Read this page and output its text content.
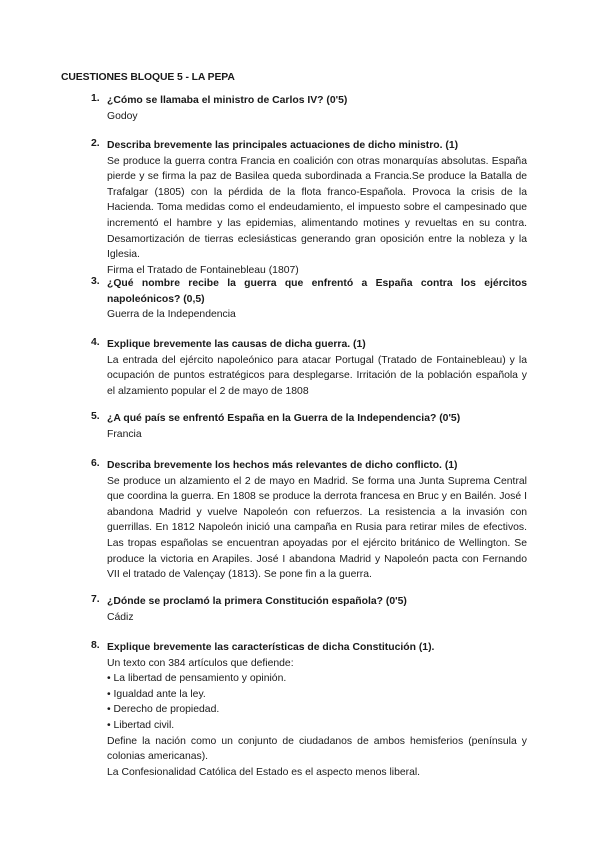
CUESTIONES BLOQUE 5 - LA PEPA
1. ¿Cómo se llamaba el ministro de Carlos IV? (0'5)

Godoy

2. Describa brevemente las principales actuaciones de dicho ministro. (1)

Se produce la guerra contra Francia en coalición con otras monarquías absolutas. España pierde y se firma la paz de Basilea queda subordinada a Francia.Se produce la Batalla de Trafalgar (1805) con la pérdida de la flota franco-Española. Provoca la crisis de la Hacienda. Toma medidas como el endeudamiento, el impuesto sobre el campesinado que incrementó el hambre y las epidemias, alimentando motines y revueltas en su contra. Desamortización de tierras eclesiásticas generando gran oposición entre la nobleza y la Iglesia.

Firma el Tratado de Fontainebleau (1807)

3. ¿Qué nombre recibe la guerra que enfrentó a España contra los ejércitos napoleónicos? (0,5)

Guerra de la Independencia

4. Explique brevemente las causas de dicha guerra. (1)

La entrada del ejército napoleónico para atacar Portugal (Tratado de Fontainebleau) y la ocupación de puntos estratégicos para desplegarse. Irritación de la población española y el alzamiento popular el 2 de mayo de 1808

5. ¿A qué país se enfrentó España en la Guerra de la Independencia? (0'5)

Francia

6. Describa brevemente los hechos más relevantes de dicho conflicto. (1)

Se produce un alzamiento el 2 de mayo en Madrid. Se forma una Junta Suprema Central que coordina la guerra. En 1808 se produce la derrota francesa en Bruc y en Bailén. José I abandona Madrid y vuelve Napoleón con refuerzos. La resistencia a la invasión con guerrillas. En 1812 Napoleón inició una campaña en Rusia para retirar miles de efectivos. Las tropas españolas se encuentran apoyadas por el ejército británico de Wellington. Se produce la victoria en Arapiles. José I abandona Madrid y Napoleón pacta con Fernando VII el tratado de Valençay (1813). Se pone fin a la guerra.

7. ¿Dónde se proclamó la primera Constitución española? (0'5)

Cádiz

8. Explique brevemente las características de dicha Constitución (1).

Un texto con 384 artículos que defiende:

• La libertad de pensamiento y opinión.
• Igualdad ante la ley.
• Derecho de propiedad.
• Libertad civil.

Define la nación como un conjunto de ciudadanos de ambos hemisferios (península y colonias americanas).

La Confesionalidad Católica del Estado es el aspecto menos liberal.
